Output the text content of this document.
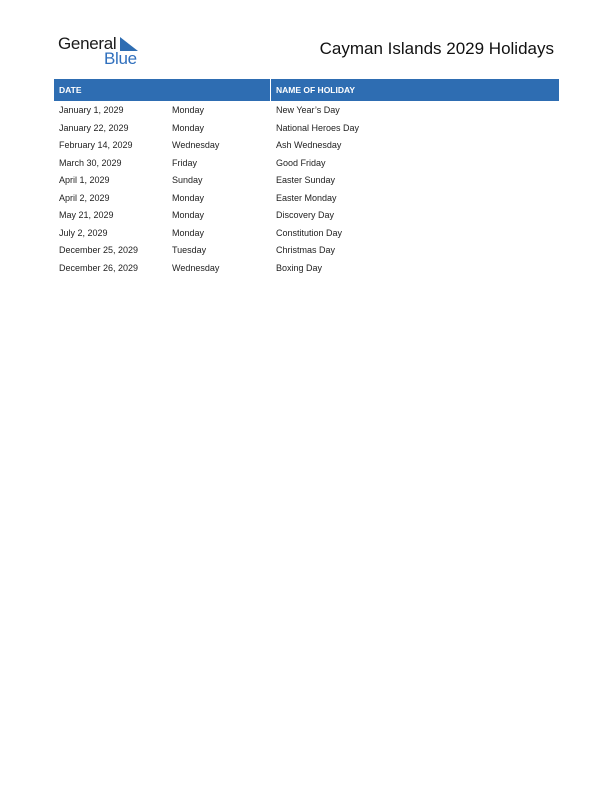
General
Blue
Cayman Islands 2029 Holidays
DATE	NAME OF HOLIDAY
January 1, 2029	Monday	New Year’s Day
January 22, 2029	Monday	National Heroes Day
February 14, 2029	Wednesday	Ash Wednesday
March 30, 2029	Friday	Good Friday
April 1, 2029	Sunday	Easter Sunday
April 2, 2029	Monday	Easter Monday
May 21, 2029	Monday	Discovery Day
July 2, 2029	Monday	Constitution Day
December 25, 2029	Tuesday	Christmas Day
December 26, 2029	Wednesday	Boxing Day
